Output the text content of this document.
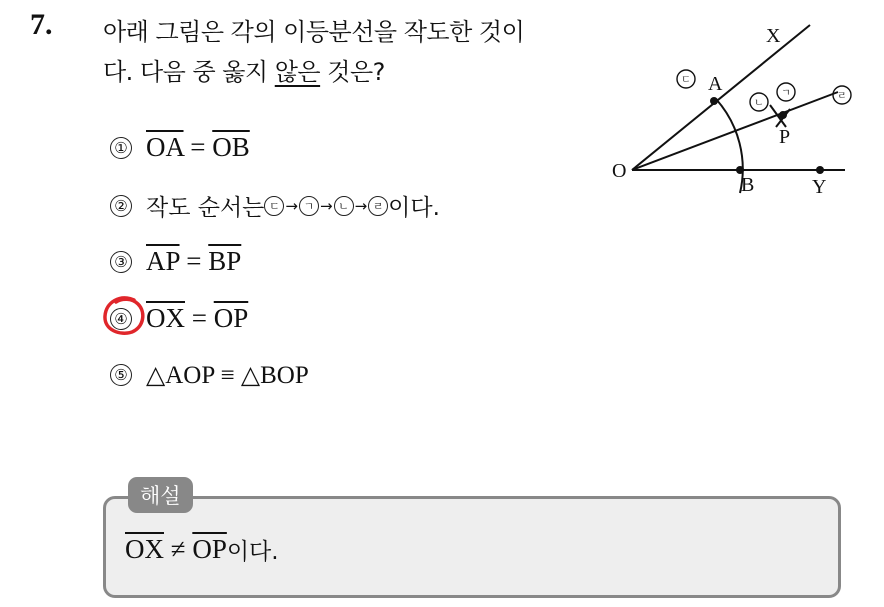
7. 아래 그림은 각의 이등분선을 작도한 것이
다. 다음 중 옳지 않은 것은?
① $\overline{OA} = \overline{OB}$
② 작도 순서는 ㄷ → ㄱ → ㄴ → ㄹ 이다.
③ $\overline{AP} = \overline{BP}$
④ $\overline{OX} = \overline{OP}$
⑤ △AOP ≡ △BOP
O
A
B
P
X
Y
ㄷ
ㄴ
ㄱ	ㄹ
해설
$\overline{OX} \ne \overline{OP}$ 이다.
